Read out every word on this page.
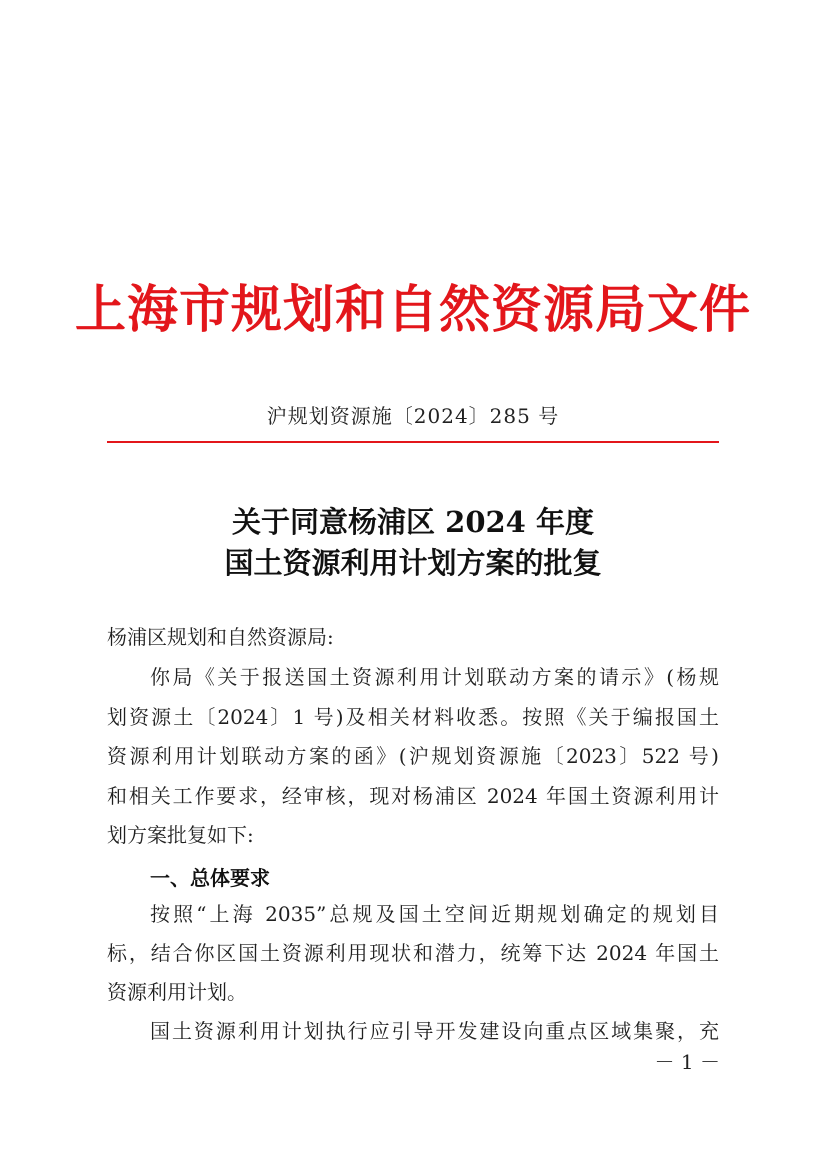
上海市规划和自然资源局文件
沪规划资源施〔2024〕285 号
关于同意杨浦区 2024 年度
国土资源利用计划方案的批复
杨浦区规划和自然资源局:
你局《关于报送国土资源利用计划联动方案的请示》(杨规
划资源土〔2024〕1 号)及相关材料收悉。按照《关于编报国土
资源利用计划联动方案的函》(沪规划资源施〔2023〕522 号)
和相关工作要求，经审核，现对杨浦区 2024 年国土资源利用计
划方案批复如下:
一、总体要求
按照“上海 2035”总规及国土空间近期规划确定的规划目
标，结合你区国土资源利用现状和潜力，统筹下达 2024 年国土
资源利用计划。
国土资源利用计划执行应引导开发建设向重点区域集聚，充
－ 1 －
